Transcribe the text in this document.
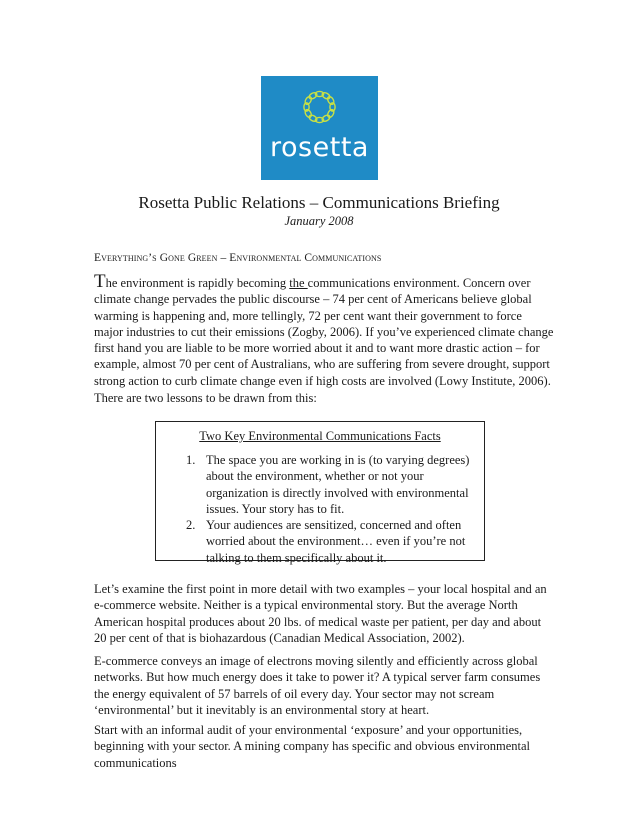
rosetta
Rosetta Public Relations – Communications Briefing
January 2008
Everything’s Gone Green – Environmental Communications

The environment is rapidly becoming the communications environment. Concern over climate change pervades the public discourse – 74 per cent of Americans believe global warming is happening and, more tellingly, 72 per cent want their government to force major industries to cut their emissions (Zogby, 2006). If you’ve experienced climate change first hand you are liable to be more worried about it and to want more drastic action – for example, almost 70 per cent of Australians, who are suffering from severe drought, support strong action to curb climate change even if high costs are involved (Lowy Institute, 2006).

There are two lessons to be drawn from this:

Two Key Environmental Communications Facts
1. The space you are working in is (to varying degrees) about the environment, whether or not your organization is directly involved with environmental issues. Your story has to fit.
2. Your audiences are sensitized, concerned and often worried about the environment… even if you’re not talking to them specifically about it.

Let’s examine the first point in more detail with two examples – your local hospital and an e-commerce website. Neither is a typical environmental story. But the average North American hospital produces about 20 lbs. of medical waste per patient, per day and about 20 per cent of that is biohazardous (Canadian Medical Association, 2002).

E-commerce conveys an image of electrons moving silently and efficiently across global networks. But how much energy does it take to power it? A typical server farm consumes the energy equivalent of 57 barrels of oil every day. Your sector may not scream ‘environmental’ but it inevitably is an environmental story at heart.

Start with an informal audit of your environmental ‘exposure’ and your opportunities, beginning with your sector. A mining company has specific and obvious environmental communications
